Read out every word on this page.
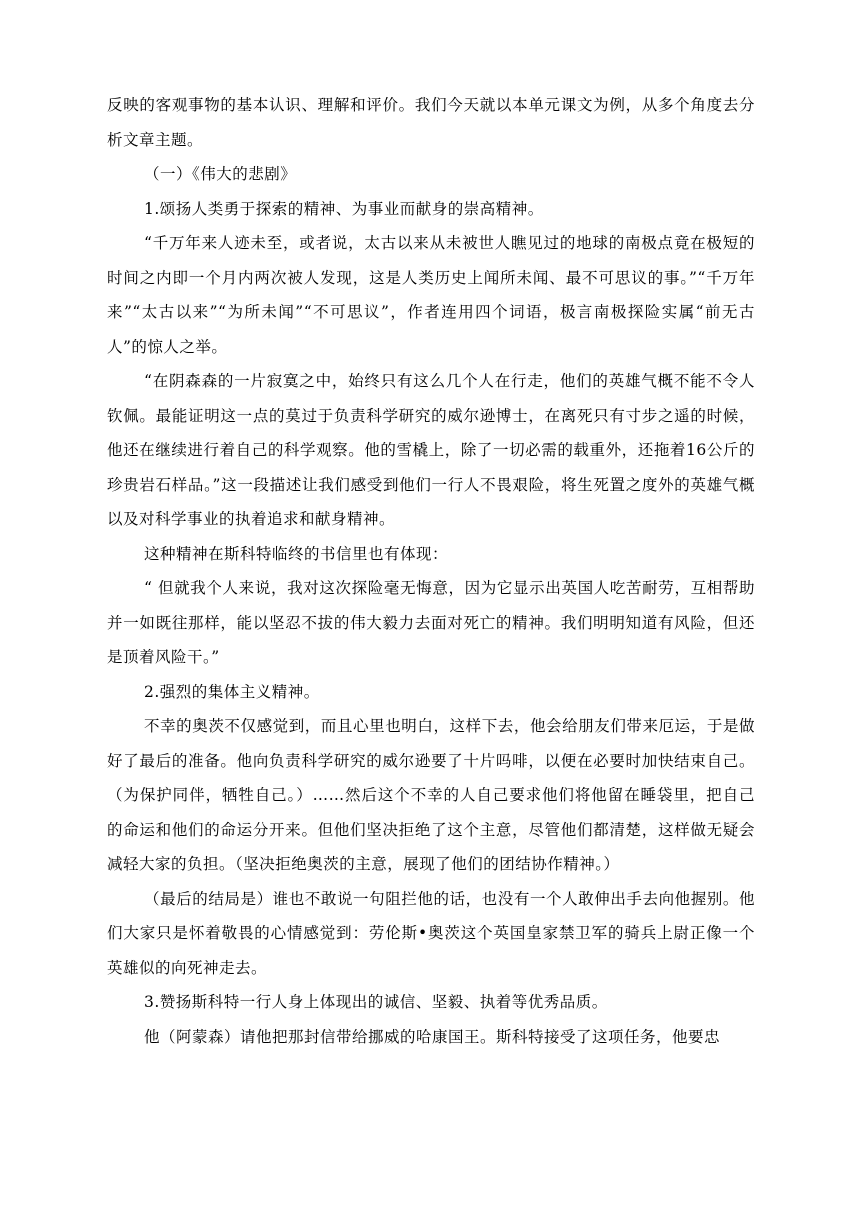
反映的客观事物的基本认识、理解和评价。我们今天就以本单元课文为例，从多个角度去分析文章主题。

（一）《伟大的悲剧》

1.颂扬人类勇于探索的精神、为事业而献身的崇高精神。

“千万年来人迹未至，或者说，太古以来从未被世人瞧见过的地球的南极点竟在极短的时间之内即一个月内两次被人发现，这是人类历史上闻所未闻、最不可思议的事。”“千万年来”“太古以来”“为所未闻”“不可思议”，作者连用四个词语，极言南极探险实属“前无古人”的惊人之举。

“在阴森森的一片寂寞之中，始终只有这么几个人在行走，他们的英雄气概不能不令人钦佩。最能证明这一点的莫过于负责科学研究的威尔逊博士，在离死只有寸步之遥的时候，他还在继续进行着自己的科学观察。他的雪橇上，除了一切必需的载重外，还拖着16公斤的珍贵岩石样品。”这一段描述让我们感受到他们一行人不畏艰险，将生死置之度外的英雄气概以及对科学事业的执着追求和献身精神。

这种精神在斯科特临终的书信里也有体现：

“ 但就我个人来说，我对这次探险毫无悔意，因为它显示出英国人吃苦耐劳，互相帮助并一如既往那样，能以坚忍不拔的伟大毅力去面对死亡的精神。我们明明知道有风险，但还是顶着风险干。”

2.强烈的集体主义精神。

不幸的奥茨不仅感觉到，而且心里也明白，这样下去，他会给朋友们带来厄运，于是做好了最后的准备。他向负责科学研究的威尔逊要了十片吗啡，以便在必要时加快结束自己。（为保护同伴，牺牲自己。）……然后这个不幸的人自己要求他们将他留在睡袋里，把自己的命运和他们的命运分开来。但他们坚决拒绝了这个主意，尽管他们都清楚，这样做无疑会减轻大家的负担。（坚决拒绝奥茨的主意，展现了他们的团结协作精神。）

（最后的结局是）谁也不敢说一句阻拦他的话，也没有一个人敢伸出手去向他握别。他们大家只是怀着敬畏的心情感觉到：劳伦斯•奥茨这个英国皇家禁卫军的骑兵上尉正像一个英雄似的向死神走去。

3.赞扬斯科特一行人身上体现出的诚信、坚毅、执着等优秀品质。

他（阿蒙森）请他把那封信带给挪威的哈康国王。斯科特接受了这项任务，他要忠
